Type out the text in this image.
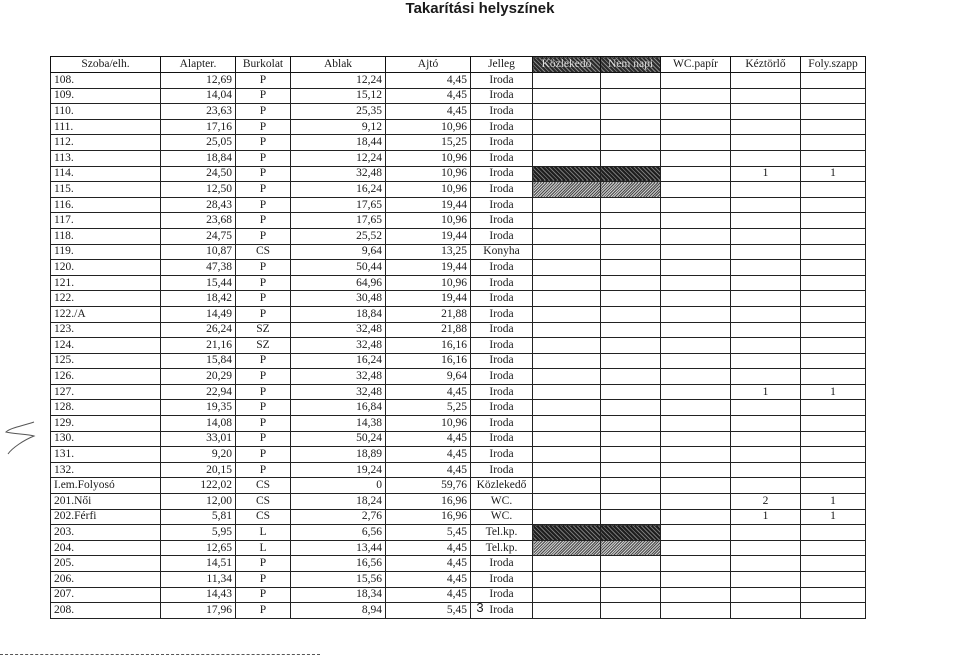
Takarítási helyszínek
Szoba/elh.	Alapter.	Burkolat	Ablak	Ajtó	Jelleg	Közlekedő	Nem napi	WC.papír	Kéztörlő	Foly.szapp
108.	12,69	P	12,24	4,45	Iroda					
109.	14,04	P	15,12	4,45	Iroda					
110.	23,63	P	25,35	4,45	Iroda					
111.	17,16	P	9,12	10,96	Iroda					
112.	25,05	P	18,44	15,25	Iroda					
113.	18,84	P	12,24	10,96	Iroda					
114.	24,50	P	32,48	10,96	Iroda				1	1
115.	12,50	P	16,24	10,96	Iroda					
116.	28,43	P	17,65	19,44	Iroda					
117.	23,68	P	17,65	10,96	Iroda					
118.	24,75	P	25,52	19,44	Iroda					
119.	10,87	CS	9,64	13,25	Konyha					
120.	47,38	P	50,44	19,44	Iroda					
121.	15,44	P	64,96	10,96	Iroda					
122.	18,42	P	30,48	19,44	Iroda					
122./A	14,49	P	18,84	21,88	Iroda					
123.	26,24	SZ	32,48	21,88	Iroda					
124.	21,16	SZ	32,48	16,16	Iroda					
125.	15,84	P	16,24	16,16	Iroda					
126.	20,29	P	32,48	9,64	Iroda					
127.	22,94	P	32,48	4,45	Iroda				1	1
128.	19,35	P	16,84	5,25	Iroda					
129.	14,08	P	14,38	10,96	Iroda					
130.	33,01	P	50,24	4,45	Iroda					
131.	9,20	P	18,89	4,45	Iroda					
132.	20,15	P	19,24	4,45	Iroda					
I.em.Folyosó	122,02	CS	0	59,76	Közlekedő					
201.Női	12,00	CS	18,24	16,96	WC.				2	1
202.Férfi	5,81	CS	2,76	16,96	WC.				1	1
203.	5,95	L	6,56	5,45	Tel.kp.					
204.	12,65	L	13,44	4,45	Tel.kp.					
205.	14,51	P	16,56	4,45	Iroda					
206.	11,34	P	15,56	4,45	Iroda					
207.	14,43	P	18,34	4,45	Iroda					
208.	17,96	P	8,94	5,45	Iroda					
3
